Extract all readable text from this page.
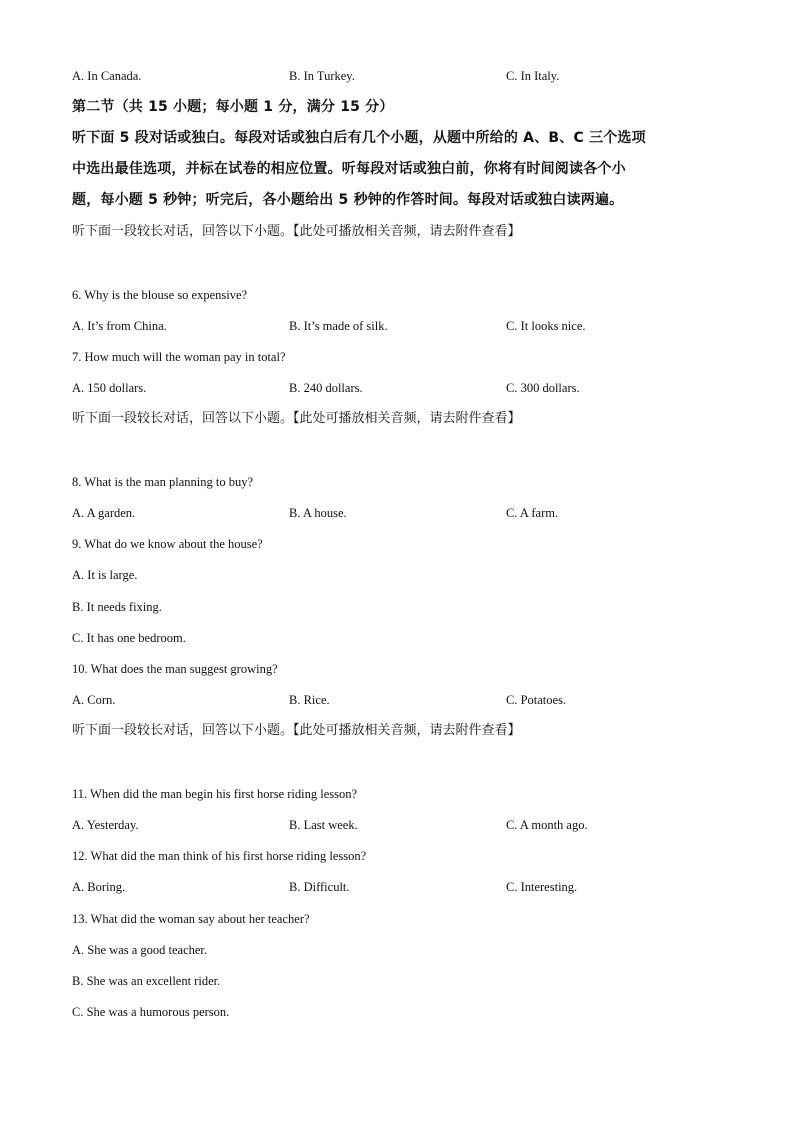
A. In Canada.	B. In Turkey.	C. In Italy.
第二节（共 15 小题；每小题 1 分，满分 15 分）
听下面 5 段对话或独白。每段对话或独白后有几个小题，从题中所给的 A、B、C 三个选项
中选出最佳选项，并标在试卷的相应位置。听每段对话或独白前，你将有时间阅读各个小
题，每小题 5 秒钟；听完后，各小题给出 5 秒钟的作答时间。每段对话或独白读两遍。
听下面一段较长对话，回答以下小题。【此处可播放相关音频，请去附件查看】
6. Why is the blouse so expensive?
A. It’s from China.	B. It’s made of silk.	C. It looks nice.
7. How much will the woman pay in total?
A. 150 dollars.	B. 240 dollars.	C. 300 dollars.
听下面一段较长对话，回答以下小题。【此处可播放相关音频，请去附件查看】
8. What is the man planning to buy?
A. A garden.	B. A house.	C. A farm.
9. What do we know about the house?
A. It is large.
B. It needs fixing.
C. It has one bedroom.
10. What does the man suggest growing?
A. Corn.	B. Rice.	C. Potatoes.
听下面一段较长对话，回答以下小题。【此处可播放相关音频，请去附件查看】
11. When did the man begin his first horse riding lesson?
A. Yesterday.	B. Last week.	C. A month ago.
12. What did the man think of his first horse riding lesson?
A. Boring.	B. Difficult.	C. Interesting.
13. What did the woman say about her teacher?
A. She was a good teacher.
B. She was an excellent rider.
C. She was a humorous person.
